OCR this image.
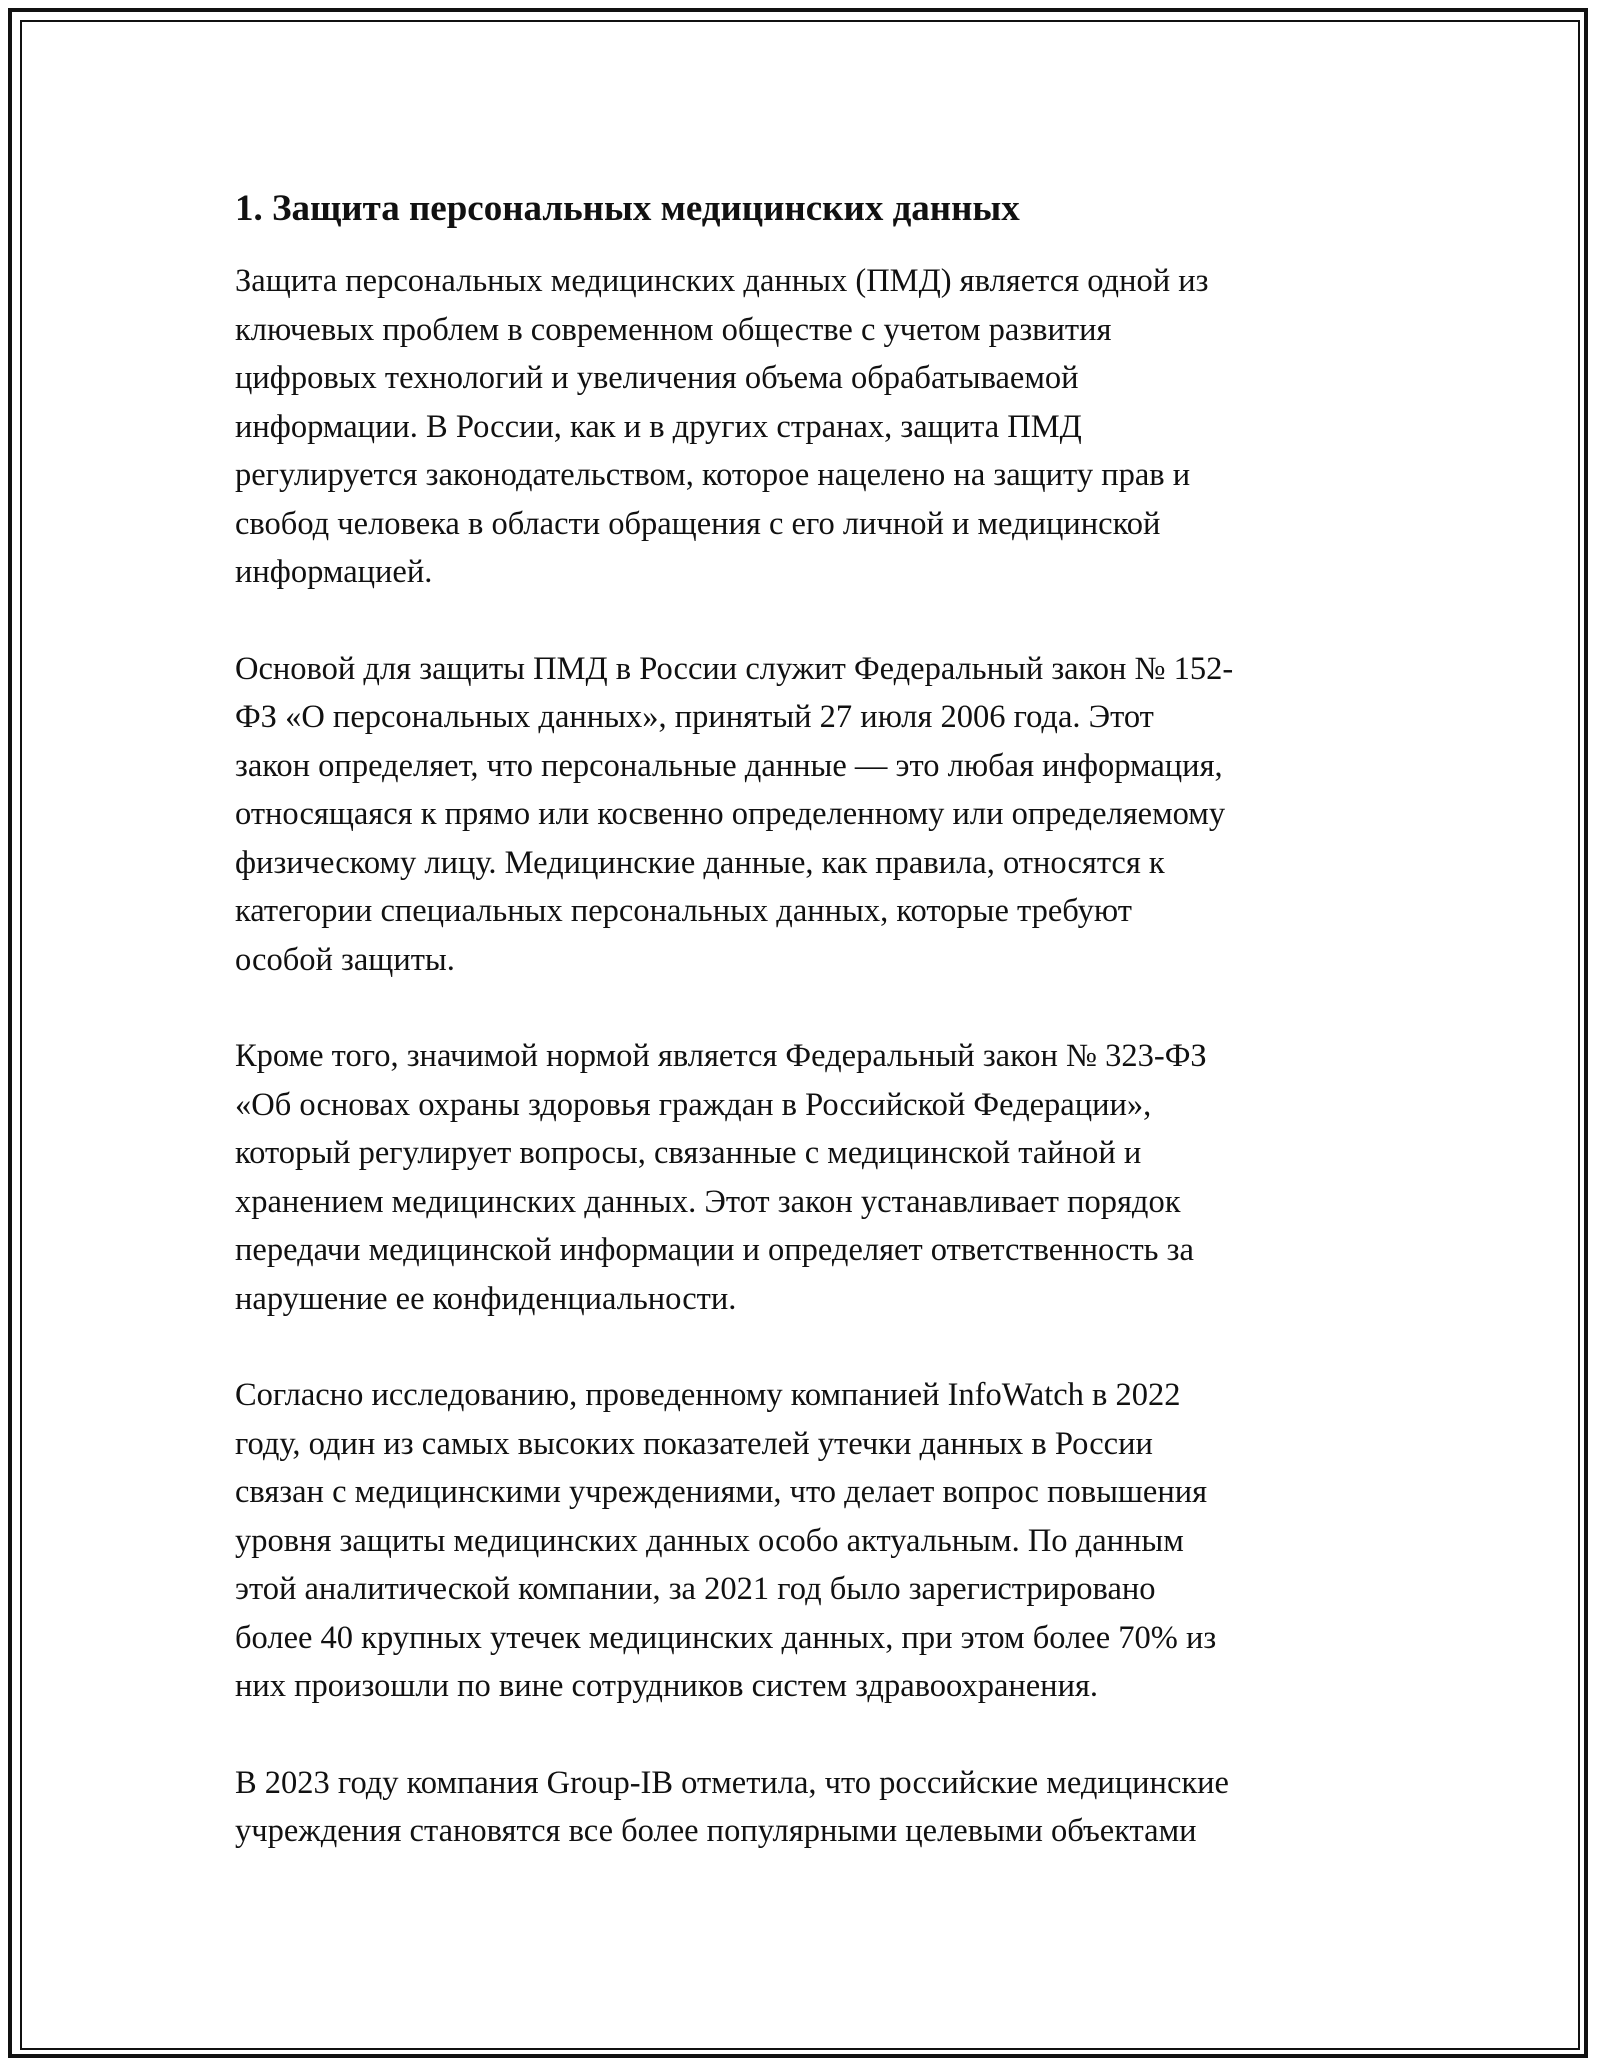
1. Защита персональных медицинских данных

Защита персональных медицинских данных (ПМД) является одной из
ключевых проблем в современном обществе с учетом развития
цифровых технологий и увеличения объема обрабатываемой
информации. В России, как и в других странах, защита ПМД
регулируется законодательством, которое нацелено на защиту прав и
свобод человека в области обращения с его личной и медицинской
информацией.

Основой для защиты ПМД в России служит Федеральный закон № 152-
ФЗ «О персональных данных», принятый 27 июля 2006 года. Этот
закон определяет, что персональные данные — это любая информация,
относящаяся к прямо или косвенно определенному или определяемому
физическому лицу. Медицинские данные, как правила, относятся к
категории специальных персональных данных, которые требуют
особой защиты.

Кроме того, значимой нормой является Федеральный закон № 323-ФЗ
«Об основах охраны здоровья граждан в Российской Федерации»,
который регулирует вопросы, связанные с медицинской тайной и
хранением медицинских данных. Этот закон устанавливает порядок
передачи медицинской информации и определяет ответственность за
нарушение ее конфиденциальности.

Согласно исследованию, проведенному компанией InfoWatch в 2022
году, один из самых высоких показателей утечки данных в России
связан с медицинскими учреждениями, что делает вопрос повышения
уровня защиты медицинских данных особо актуальным. По данным
этой аналитической компании, за 2021 год было зарегистрировано
более 40 крупных утечек медицинских данных, при этом более 70% из
них произошли по вине сотрудников систем здравоохранения.

В 2023 году компания Group-IB отметила, что российские медицинские
учреждения становятся все более популярными целевыми объектами
